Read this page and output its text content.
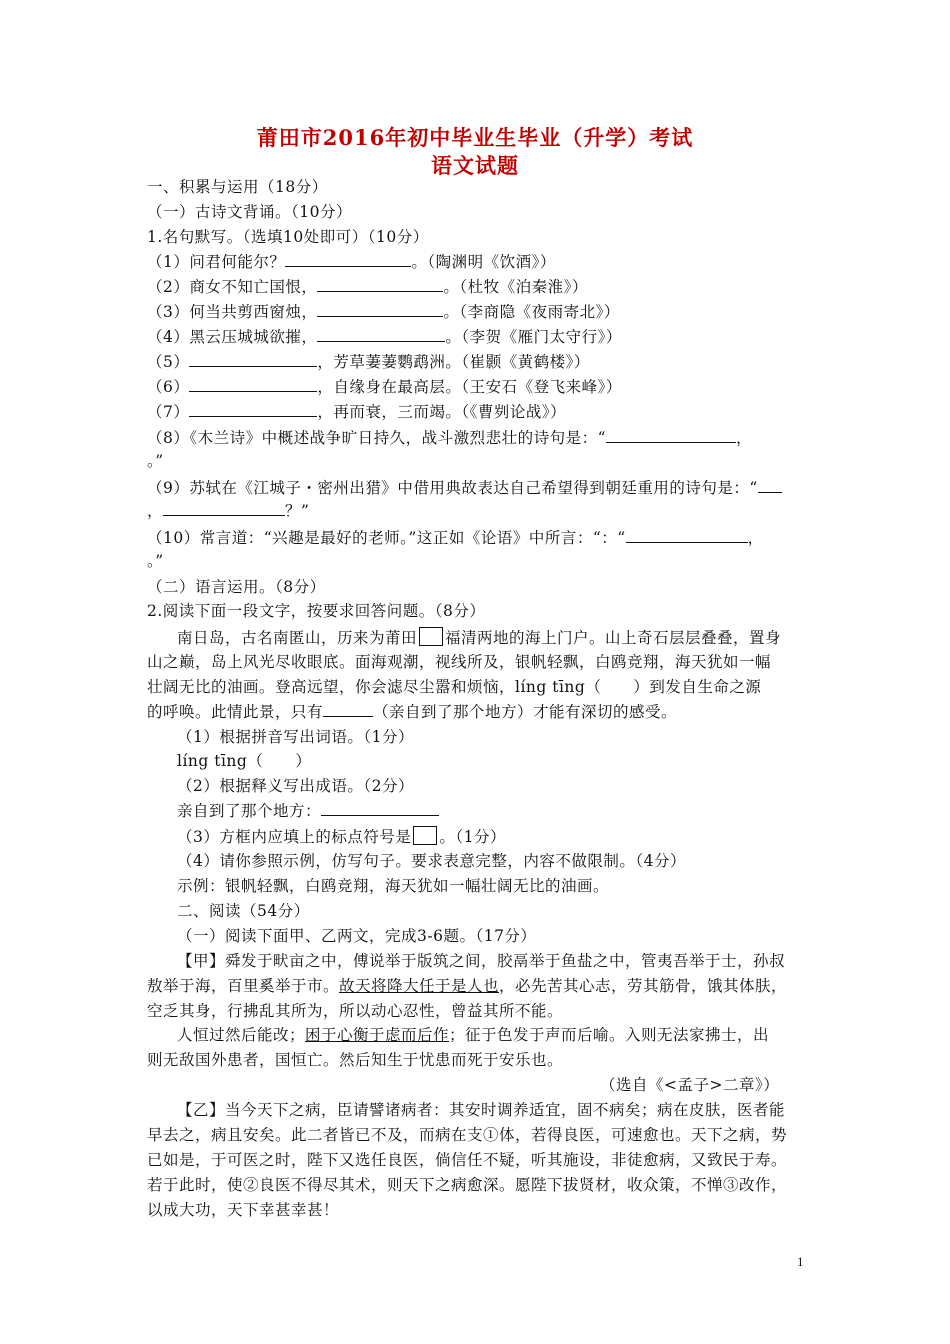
莆田市2016年初中毕业生毕业（升学）考试
语文试题
一、积累与运用（18分）
（一）古诗文背诵。（10分）
1.名句默写。（选填10处即可）（10分）
（1）问君何能尔？	。（陶渊明《饮酒》）
（2）商女不知亡国恨，	。（杜牧《泊秦淮》）
（3）何当共剪西窗烛，	。（李商隐《夜雨寄北》）
（4）黑云压城城欲摧，	。（李贺《雁门太守行》）
（5）	，芳草萋萋鹦鹉洲。（崔颢《黄鹤楼》）
（6）	，自缘身在最高层。（王安石《登飞来峰》）
（7）	，再而衰，三而竭。（《曹刿论战》）
（8）《木兰诗》中概述战争旷日持久，战斗激烈悲壮的诗句是：“	，
。”
（9）苏轼在《江城子・密州出猎》中借用典故表达自己希望得到朝廷重用的诗句是：“
，	？”
（10）常言道：“兴趣是最好的老师。”这正如《论语》中所言：“：“	，
。”
（二）语言运用。（8分）
2.阅读下面一段文字，按要求回答问题。（8分）
南日岛，古名南匿山，历来为莆田 福清两地的海上门户。山上奇石层层叠叠，置身
山之巅，岛上风光尽收眼底。面海观潮，视线所及，银帆轻飘，白鸥竞翔，海天犹如一幅
壮阔无比的油画。登高远望，你会滤尽尘嚣和烦恼，líng tīng（　　）到发自生命之源
的呼唤。此情此景，只有	（亲自到了那个地方）才能有深切的感受。
（1）根据拼音写出词语。（1分）
líng tīng（　　）
（2）根据释义写出成语。（2分）
亲自到了那个地方：
（3）方框内应填上的标点符号是 。（1分）
（4）请你参照示例，仿写句子。要求表意完整，内容不做限制。（4分）
示例：银帆轻飘，白鸥竞翔，海天犹如一幅壮阔无比的油画。
二、阅读（54分）
（一）阅读下面甲、乙两文，完成3-6题。（17分）
【甲】舜发于畎亩之中，傅说举于版筑之间，胶鬲举于鱼盐之中，管夷吾举于士，孙叔
敖举于海，百里奚举于市。故天将降大任于是人也，必先苦其心志，劳其筋骨，饿其体肤，
空乏其身，行拂乱其所为，所以动心忍性，曾益其所不能。
人恒过然后能改；困于心衡于虑而后作；征于色发于声而后喻。入则无法家拂士，出
则无敌国外患者，国恒亡。然后知生于忧患而死于安乐也。
（选自《<孟子>二章》）
【乙】当今天下之病，臣请譬诸病者：其安时调养适宜，固不病矣；病在皮肤，医者能
早去之，病且安矣。此二者皆已不及，而病在支①体，若得良医，可速愈也。天下之病，势
已如是，于可医之时，陛下又选任良医，倘信任不疑，听其施设，非徒愈病，又致民于寿。
若于此时，使②良医不得尽其术，则天下之病愈深。愿陛下拔贤材，收众策，不惮③改作，
以成大功，天下幸甚幸甚！
1
